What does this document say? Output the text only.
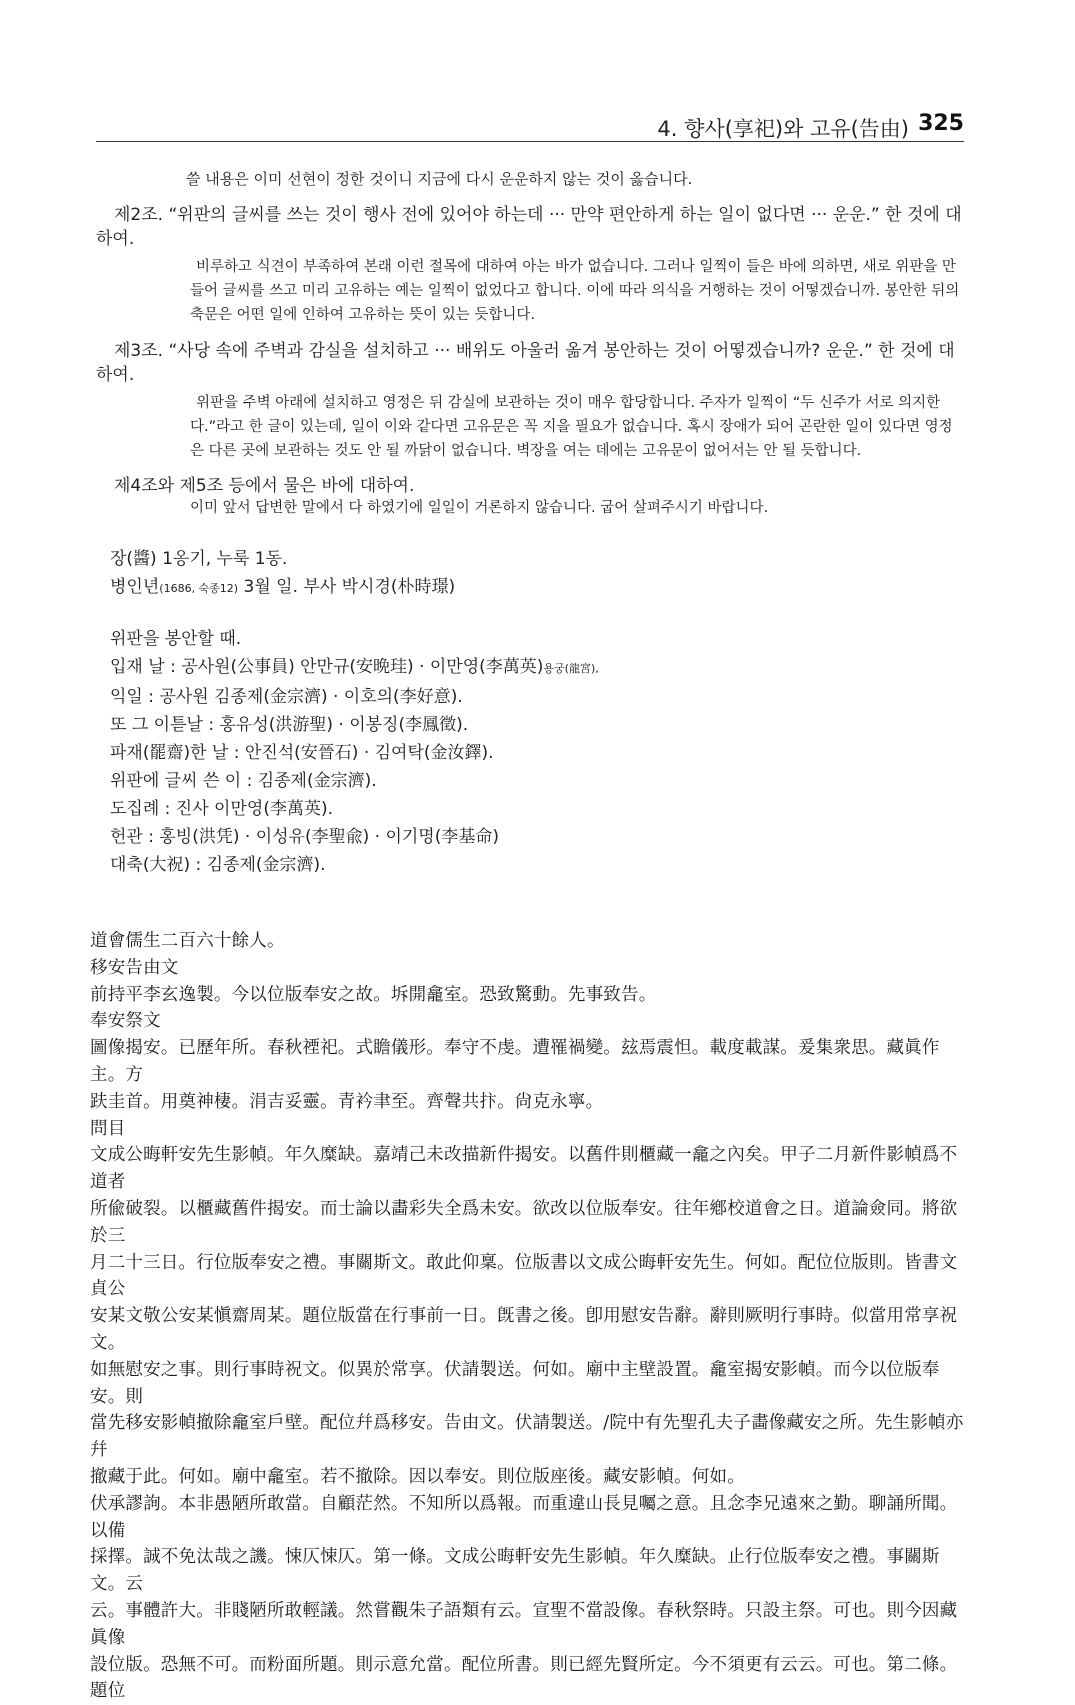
4. 향사(享祀)와 고유(告由) 325

쓸 내용은 이미 선현이 정한 것이니 지금에 다시 운운하지 않는 것이 옳습니다.

제2조. “위판의 글씨를 쓰는 것이 행사 전에 있어야 하는데 ··· 만약 편안하게 하는 일이 없다면 ··· 운운.” 한 것에 대하여.

비루하고 식견이 부족하여 본래 이런 절목에 대하여 아는 바가 없습니다. 그러나 일찍이 들은 바에 의하면, 새로 위판을 만들어 글씨를 쓰고 미리 고유하는 예는 일찍이 없었다고 합니다. 이에 따라 의식을 거행하는 것이 어떻겠습니까. 봉안한 뒤의 축문은 어떤 일에 인하여 고유하는 뜻이 있는 듯합니다.

제3조. “사당 속에 주벽과 감실을 설치하고 ··· 배위도 아울러 옮겨 봉안하는 것이 어떻겠습니까? 운운.” 한 것에 대하여.

위판을 주벽 아래에 설치하고 영정은 뒤 감실에 보관하는 것이 매우 합당합니다. 주자가 일찍이 “두 신주가 서로 의지한다.”라고 한 글이 있는데, 일이 이와 같다면 고유문은 꼭 지을 필요가 없습니다. 혹시 장애가 되어 곤란한 일이 있다면 영정은 다른 곳에 보관하는 것도 안 될 까닭이 없습니다. 벽장을 여는 데에는 고유문이 없어서는 안 될 듯합니다.

제4조와 제5조 등에서 물은 바에 대하여.

이미 앞서 답변한 말에서 다 하였기에 일일이 거론하지 않습니다. 굽어 살펴주시기 바랍니다.

장(醬) 1옹기, 누룩 1동.

병인년(1686, 숙종12) 3월 일. 부사 박시경(朴時璟)

위판을 봉안할 때.

입재 날 : 공사원(公事員) 안만규(安晩珪) · 이만영(李萬英)용궁(龍宮),

익일 : 공사원 김종제(金宗濟) · 이호의(李好意).

또 그 이튿날 : 홍유성(洪游聖) · 이봉징(李鳳徵).

파재(罷齋)한 날 : 안진석(安晉石) · 김여탁(金汝鐸).

위판에 글씨 쓴 이 : 김종제(金宗濟).

도집례 : 진사 이만영(李萬英).

헌관 : 홍빙(洪凭) · 이성유(李聖兪) · 이기명(李基命)

대축(大祝) : 김종제(金宗濟).

道會儒生二百六十餘人。

移安告由文

前持平李玄逸製。今以位版奉安之故。坼開龕室。恐致驚動。先事致告。

奉安祭文

圖像揭安。已歷年所。春秋禋祀。式瞻儀形。奉守不虔。遭罹禍變。玆焉震怛。載度載謀。爰集衆思。藏眞作主。方

趺圭首。用奠神棲。涓吉妥靈。青衿聿至。齊聲共抃。尙克永寧。

問目

文成公晦軒安先生影幀。年久糜缺。嘉靖己未改描新件揭安。以舊件則櫃藏一龕之內矣。甲子二月新件影幀爲不道者

所偸破裂。以櫃藏舊件揭安。而士論以畵彩失全爲未安。欲改以位版奉安。往年鄕校道會之日。道論僉同。將欲於三

月二十三日。行位版奉安之禮。事關斯文。敢此仰稟。位版書以文成公晦軒安先生。何如。配位位版則。皆書文貞公

安某文敬公安某愼齋周某。題位版當在行事前一日。旣書之後。卽用慰安告辭。辭則厥明行事時。似當用常享祝文。

如無慰安之事。則行事時祝文。似異於常享。伏請製送。何如。廟中主壁設置。龕室揭安影幀。而今以位版奉安。則

當先移安影幀撤除龕室戶壁。配位幷爲移安。告由文。伏請製送。/院中有先聖孔夫子畵像藏安之所。先生影幀亦幷

撤藏于此。何如。廟中龕室。若不撤除。因以奉安。則位版座後。藏安影幀。何如。

伏承謬詢。本非愚陋所敢當。自顧茫然。不知所以爲報。而重違山長見囑之意。且念李兄遠來之勤。聊誦所聞。以備

採擇。誠不免汰哉之譏。悚仄悚仄。第一條。文成公晦軒安先生影幀。年久糜缺。止行位版奉安之禮。事關斯文。云

云。事體許大。非賤陋所敢輕議。然嘗觀朱子語類有云。宣聖不當設像。春秋祭時。只設主祭。可也。則今因藏眞像

設位版。恐無不可。而粉面所題。則示意允當。配位所書。則已經先賢所定。今不須更有云云。可也。第二條。題位
